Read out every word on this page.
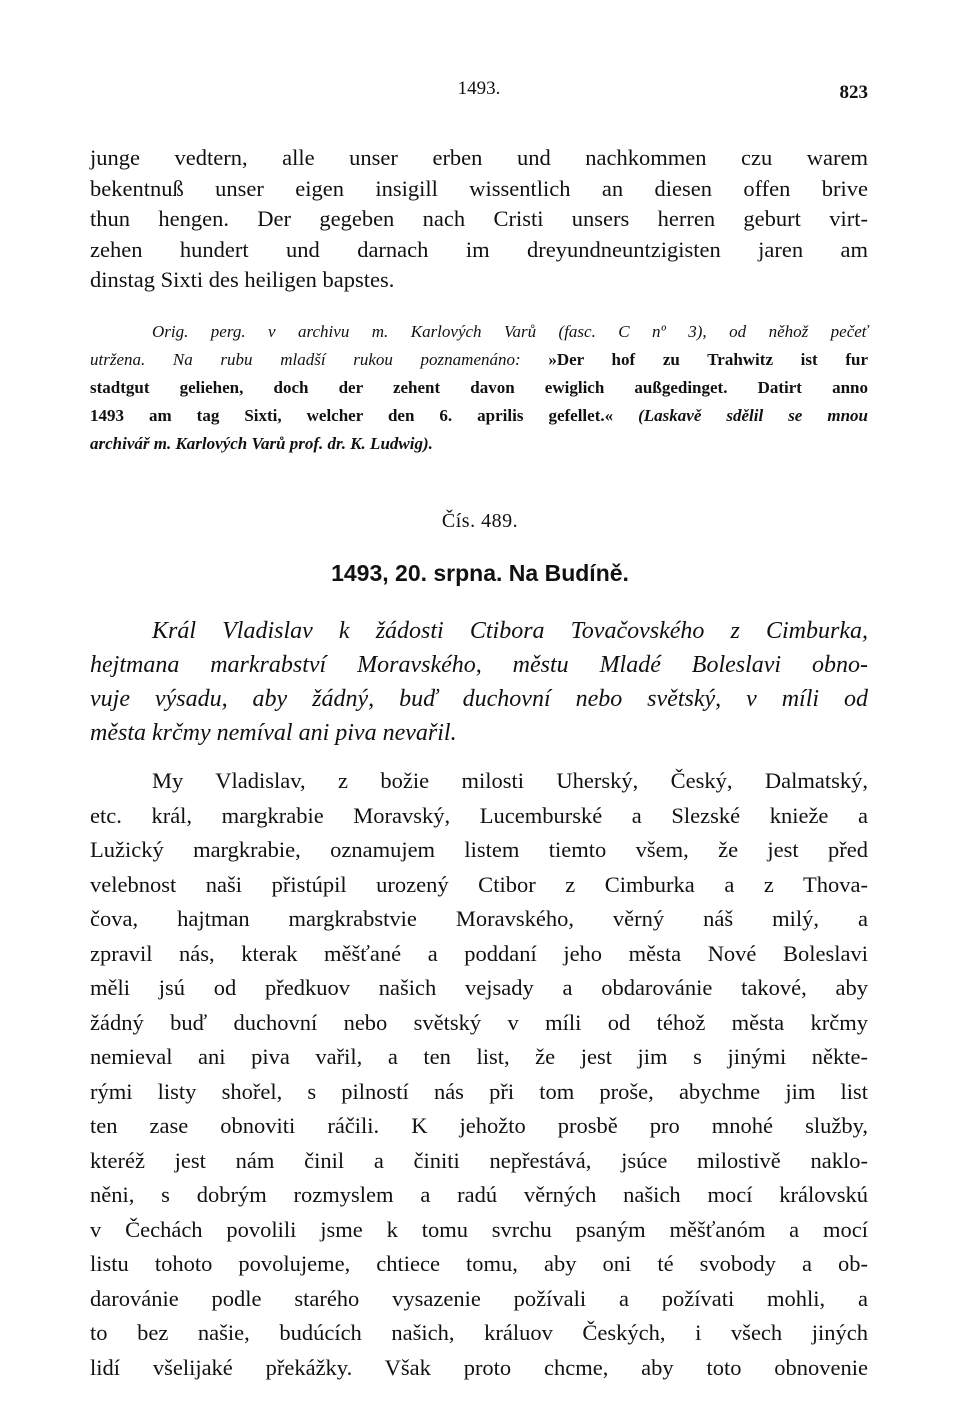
1493.	823
junge vedtern, alle unser erben und nachkommen czu warem
bekentnuß unser eigen insigill wissentlich an diesen offen brive
thun hengen. Der gegeben nach Cristi unsers herren geburt virt-
zehen hundert und darnach im dreyundneuntzigisten jaren am
dinstag Sixti des heiligen bapstes.
Orig. perg. v archivu m. Karlových Varů (fasc. C nº 3), od něhož pečeť
utržena. Na rubu mladší rukou poznamenáno: »Der hof zu Trahwitz ist fur
stadtgut geliehen, doch der zehent davon ewiglich außgedinget. Datirt anno
1493 am tag Sixti, welcher den 6. aprilis gefellet.« (Laskavě sdělil se mnou
archivář m. Karlových Varů prof. dr. K. Ludwig).
Čís. 489.
1493, 20. srpna. Na Budíně.
Král Vladislav k žádosti Ctibora Tovačovského z Cimburka,
hejtmana markrabství Moravského, městu Mladé Boleslavi obno-
vuje výsadu, aby žádný, buď duchovní nebo světský, v míli od
města krčmy nemíval ani piva nevařil.
My Vladislav, z božie milosti Uherský, Český, Dalmatský,
etc. král, margkrabie Moravský, Lucemburské a Slezské knieže a
Lužický margkrabie, oznamujem listem tiemto všem, že jest před
velebnost naši přistúpil urozený Ctibor z Cimburka a z Thova-
čova, hajtman margkrabstvie Moravského, věrný náš milý, a
zpravil nás, kterak měšťané a poddaní jeho města Nové Boleslavi
měli jsú od předkuov našich vejsady a obdarovánie takové, aby
žádný buď duchovní nebo světský v míli od téhož města krčmy
nemieval ani piva vařil, a ten list, že jest jim s jinými někte-
rými listy shořel, s pilností nás při tom proše, abychme jim list
ten zase obnoviti ráčili. K jehožto prosbě pro mnohé služby,
kteréž jest nám činil a činiti nepřestává, jsúce milostivě naklo-
něni, s dobrým rozmyslem a radú věrných našich mocí královskú
v Čechách povolili jsme k tomu svrchu psaným měšťanóm a mocí
listu tohoto povolujeme, chtiece tomu, aby oni té svobody a ob-
darovánie podle starého vysazenie požívali a požívati mohli, a
to bez našie, budúcích našich, králuov Českých, i všech jiných
lidí všelijaké překážky. Však proto chcme, aby toto obnovenie
